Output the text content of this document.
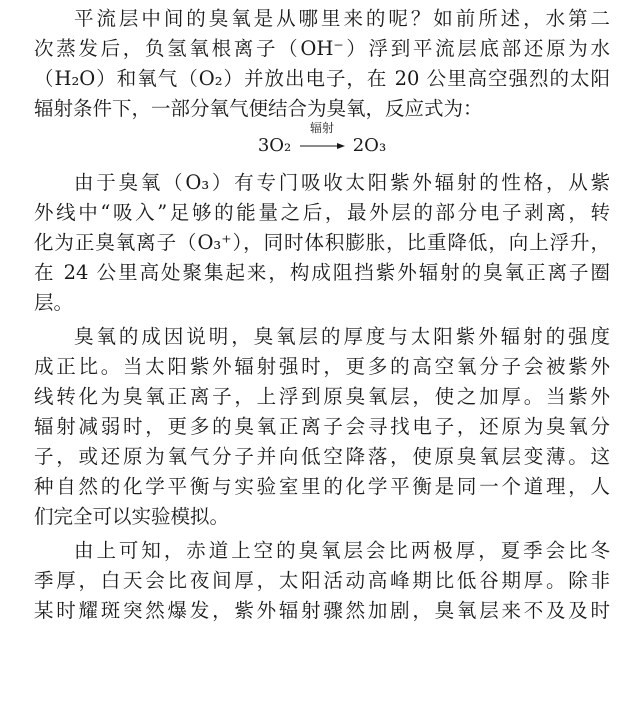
平流层中间的臭氧是从哪里来的呢？如前所述，水第二
次蒸发后，负氢氧根离子（OH⁻）浮到平流层底部还原为水
（H₂O）和氧气（O₂）并放出电子，在 20 公里高空强烈的太阳
辐射条件下，一部分氧气便结合为臭氧，反应式为：
3O₂
辐射
2O₃
由于臭氧（O₃）有专门吸收太阳紫外辐射的性格，从紫
外线中“吸入”足够的能量之后，最外层的部分电子剥离，转
化为正臭氧离子（O₃⁺），同时体积膨胀，比重降低，向上浮升，
在 24 公里高处聚集起来，构成阻挡紫外辐射的臭氧正离子圈
层。
臭氧的成因说明，臭氧层的厚度与太阳紫外辐射的强度
成正比。当太阳紫外辐射强时，更多的高空氧分子会被紫外
线转化为臭氧正离子，上浮到原臭氧层，使之加厚。当紫外
辐射减弱时，更多的臭氧正离子会寻找电子，还原为臭氧分
子，或还原为氧气分子并向低空降落，使原臭氧层变薄。这
种自然的化学平衡与实验室里的化学平衡是同一个道理，人
们完全可以实验模拟。
由上可知，赤道上空的臭氧层会比两极厚，夏季会比冬
季厚，白天会比夜间厚，太阳活动高峰期比低谷期厚。除非
某时耀斑突然爆发，紫外辐射骤然加剧，臭氧层来不及及时
